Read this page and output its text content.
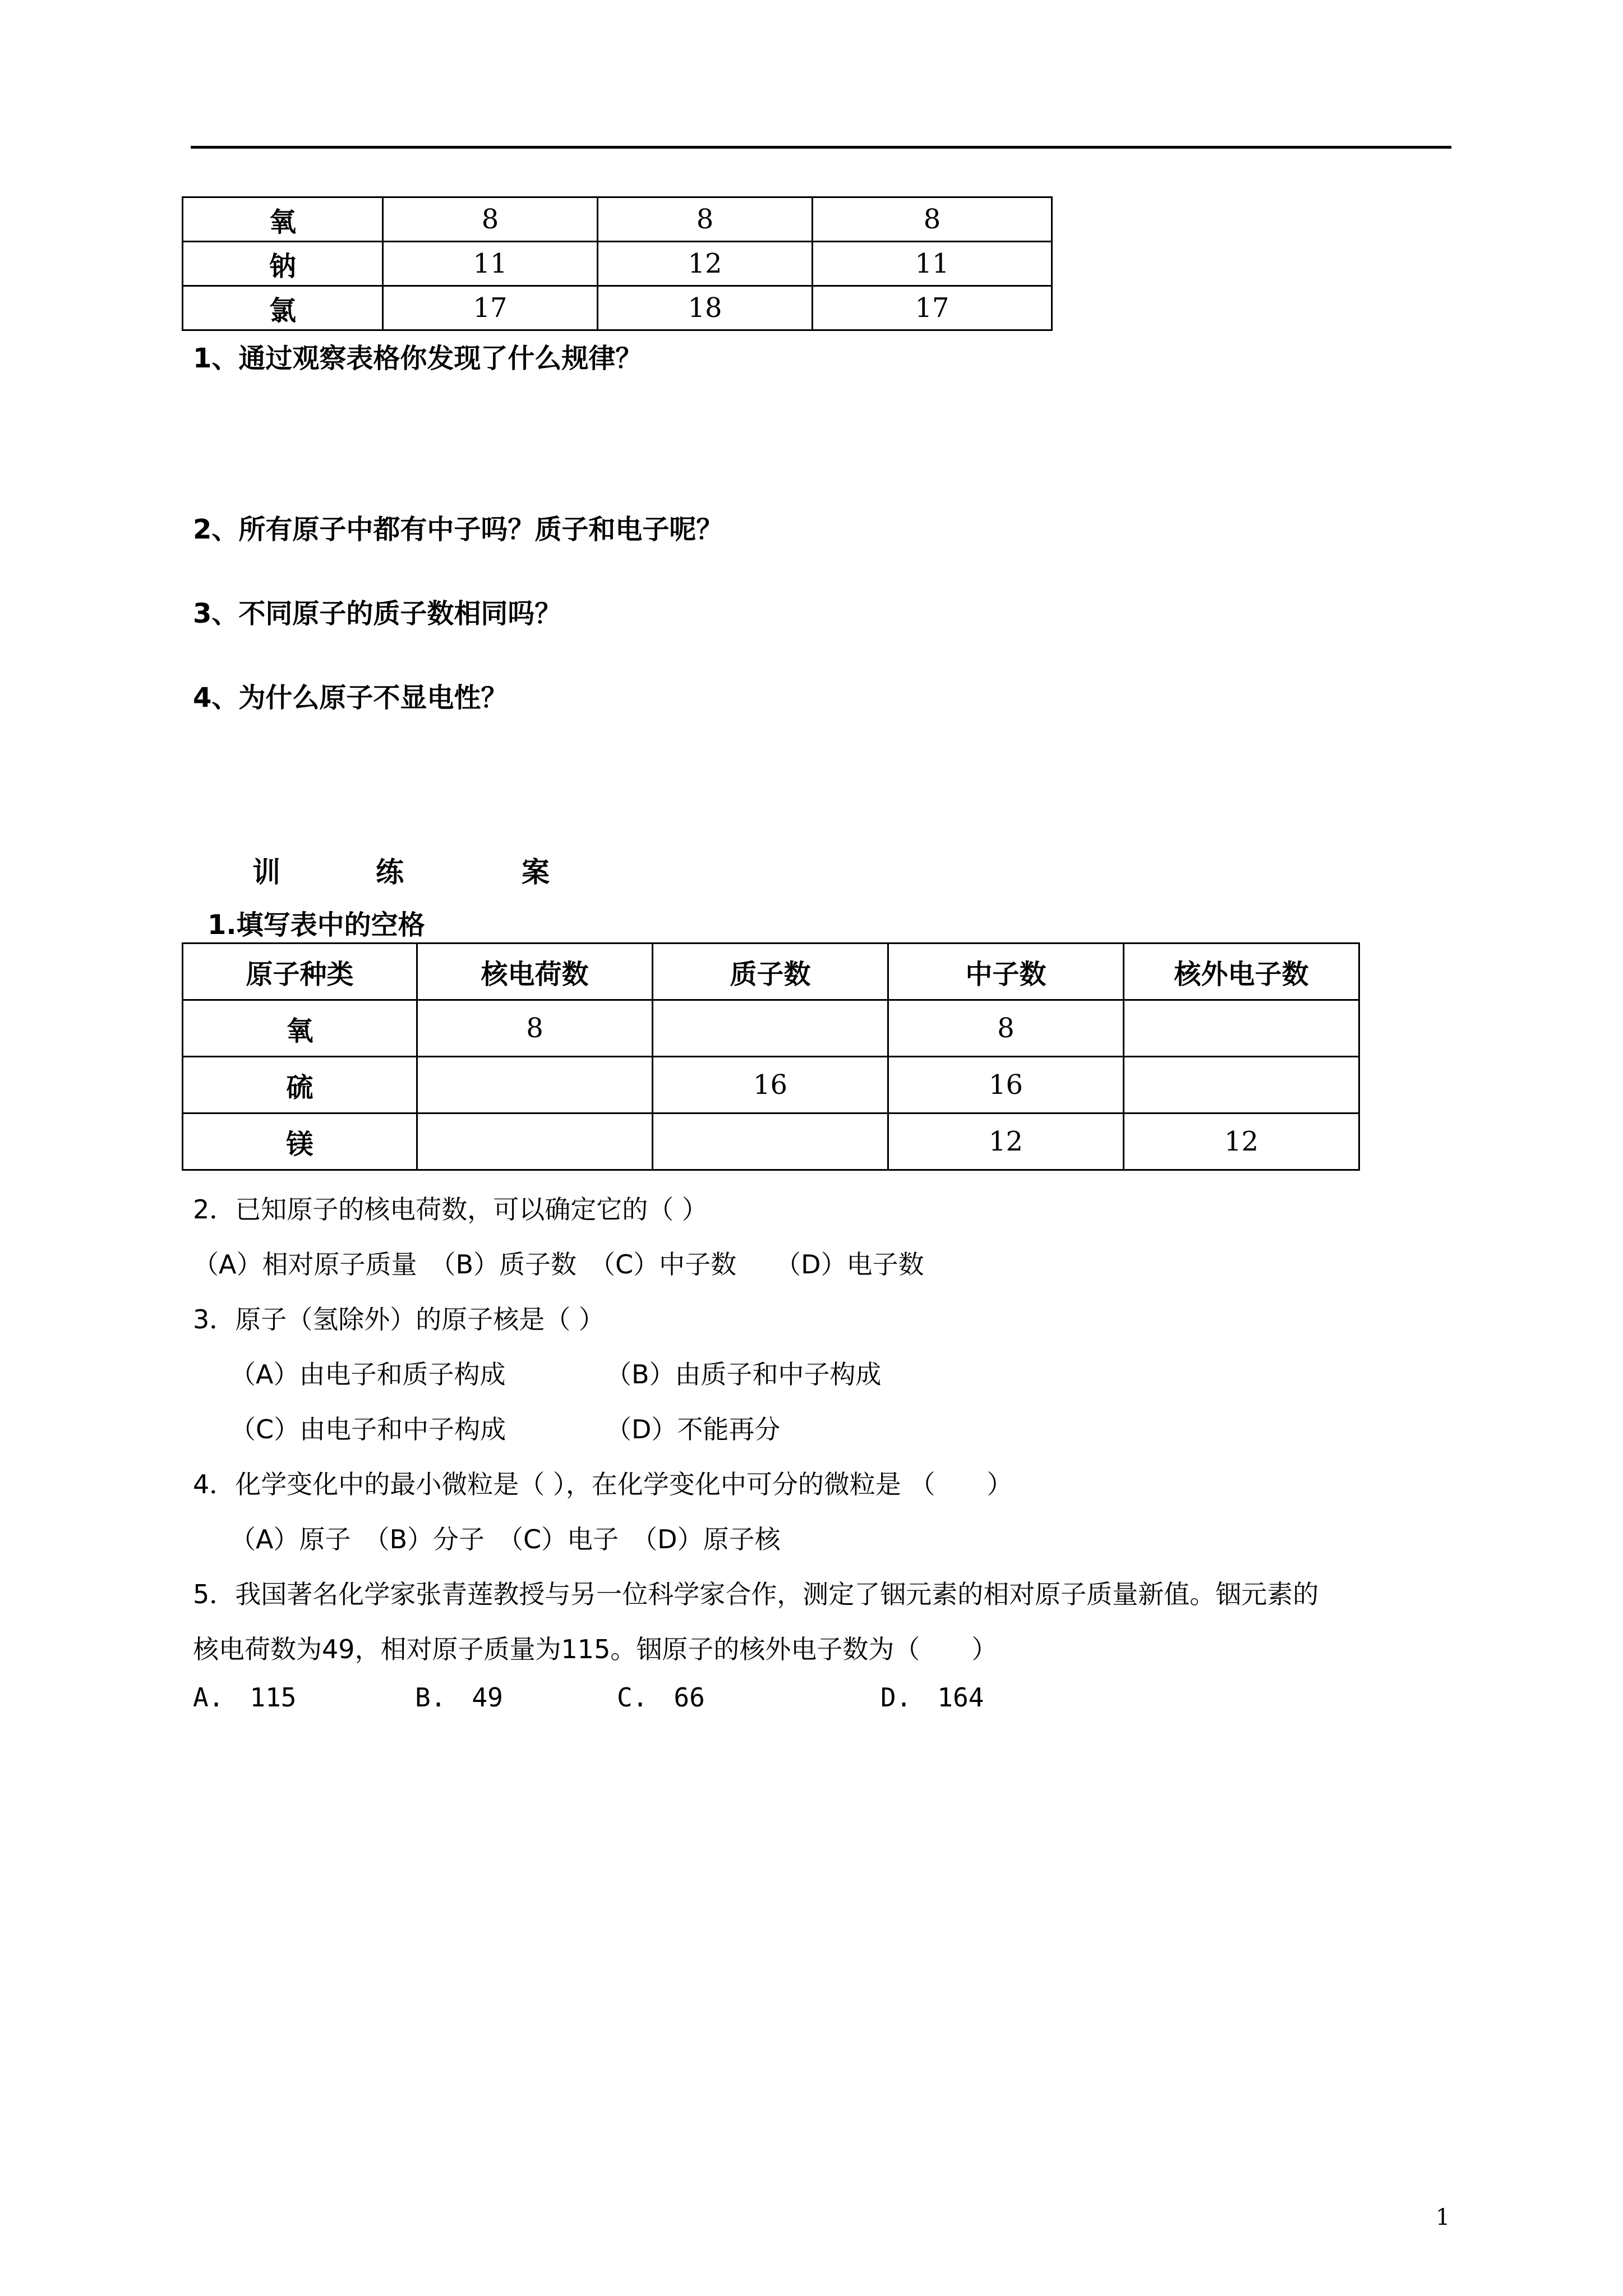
氧	8	8	8
钠	11	12	11
氯	17	18	17
1、通过观察表格你发现了什么规律？
2、所有原子中都有中子吗？质子和电子呢？
3、不同原子的质子数相同吗？
4、为什么原子不显电性？
训	练	案
1.填写表中的空格
原子种类	核电荷数	质子数	中子数	核外电子数
氧	8		8	
硫		16	16	
镁			12	12
2．已知原子的核电荷数，可以确定它的（ ）
（A）相对原子质量　（B）质子数　（C）中子数　　（D）电子数
3．原子（氢除外）的原子核是（ ）
（A）由电子和质子构成	（B）由质子和中子构成
（C）由电子和中子构成	（D）不能再分
4．化学变化中的最小微粒是（ ），在化学变化中可分的微粒是 （　　）
（A）原子　（B）分子　（C）电子　（D）原子核
5．我国著名化学家张青莲教授与另一位科学家合作，测定了铟元素的相对原子质量新值。铟元素的
核电荷数为49，相对原子质量为115。铟原子的核外电子数为（　　）
A.　115	B.　49	C.　66	D.　164
1
